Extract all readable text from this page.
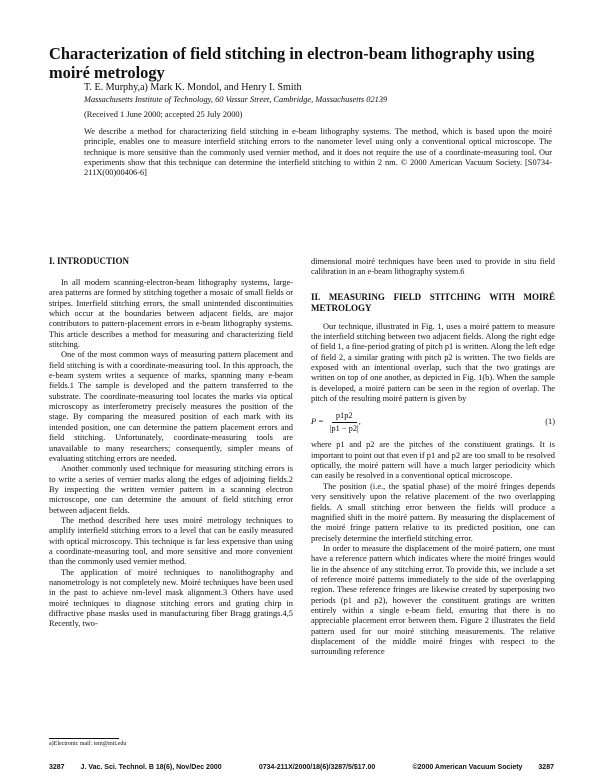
Characterization of field stitching in electron-beam lithography using moiré metrology
T. E. Murphy,a) Mark K. Mondol, and Henry I. Smith
Massachusetts Institute of Technology, 60 Vassar Street, Cambridge, Massachusetts 02139
(Received 1 June 2000; accepted 25 July 2000)
We describe a method for characterizing field stitching in e-beam lithography systems. The method, which is based upon the moiré principle, enables one to measure interfield stitching errors to the nanometer level using only a conventional optical microscope. The technique is more sensitive than the commonly used vernier method, and it does not require the use of a coordinate-measuring tool. Our experiments show that this technique can determine the interfield stitching to within 2 nm. © 2000 American Vacuum Society. [S0734-211X(00)00406-6]
I. INTRODUCTION

In all modern scanning-electron-beam lithography systems, large-area patterns are formed by stitching together a mosaic of small fields or stripes. Interfield stitching errors, the small unintended discontinuities which occur at the boundaries between adjacent fields, are major contributors to pattern-placement errors in e-beam lithography systems. This article describes a method for measuring and characterizing field stitching.

One of the most common ways of measuring pattern placement and field stitching is with a coordinate-measuring tool. In this approach, the e-beam system writes a sequence of marks, spanning many e-beam fields.1 The sample is developed and the pattern transferred to the substrate. The coordinate-measuring tool locates the marks via optical microscopy as interferometry precisely measures the position of the stage. By comparing the measured position of each mark with its intended position, one can determine the pattern placement errors and field stitching. Unfortunately, coordinate-measuring tools are unavailable to many researchers; consequently, simpler means of evaluating stitching errors are needed.

Another commonly used technique for measuring stitching errors is to write a series of vernier marks along the edges of adjoining fields.2 By inspecting the written vernier pattern in a scanning electron microscope, one can determine the amount of field stitching error between adjacent fields.

The method described here uses moiré metrology techniques to amplify interfield stitching errors to a level that can be easily measured with optical microscopy. This technique is far less expensive than using a coordinate-measuring tool, and more sensitive and more convenient than the commonly used vernier method.

The application of moiré techniques to nanolithography and nanometrology is not completely new. Moiré techniques have been used in the past to achieve nm-level mask alignment.3 Others have used moiré techniques to diagnose stitching errors and grating chirp in diffractive phase masks used in manufacturing fiber Bragg gratings.4,5 Recently, two-

dimensional moiré techniques have been used to provide in situ field calibration in an e-beam lithography system.6

II. MEASURING FIELD STITCHING WITH MOIRÉ METROLOGY

Our technique, illustrated in Fig. 1, uses a moiré pattern to measure the interfield stitching between two adjacent fields. Along the right edge of field 1, a fine-period grating of pitch p1 is written. Along the left edge of field 2, a similar grating with pitch p2 is written. The two fields are exposed with an intentional overlap, such that the two gratings are written on top of one another, as depicted in Fig. 1(b). When the sample is developed, a moiré pattern can be seen in the region of overlap. The pitch of the resulting moiré pattern is given by

$P = \frac{p1p2}{|p1 - p2|}$ ,	(1)

where p1 and p2 are the pitches of the constituent gratings. It is important to point out that even if p1 and p2 are too small to be resolved optically, the moiré pattern will have a much larger periodicity which can easily be resolved in a conventional optical microscope.

The position (i.e., the spatial phase) of the moiré fringes depends very sensitively upon the relative placement of the two overlapping fields. A small stitching error between the fields will produce a magnified shift in the moiré pattern. By measuring the displacement of the moiré fringe pattern relative to its predicted position, one can precisely determine the interfield stitching error.

In order to measure the displacement of the moiré pattern, one must have a reference pattern which indicates where the moiré fringes would lie in the absence of any stitching error. To provide this, we include a set of reference moiré patterns immediately to the side of the overlapping region. These reference fringes are likewise created by superposing two periods (p1 and p2), however the constituent gratings are written entirely within a single e-beam field, ensuring that there is no appreciable placement error between them. Figure 2 illustrates the field pattern used for our moiré stitching measurements. The relative displacement of the middle moiré fringes with respect to the surrounding reference

a)Electronic mail: tem@mit.edu
3287 J. Vac. Sci. Technol. B 18(6), Nov/Dec 2000	0734-211X/2000/18(6)/3287/5/$17.00	©2000 American Vacuum Society 3287
